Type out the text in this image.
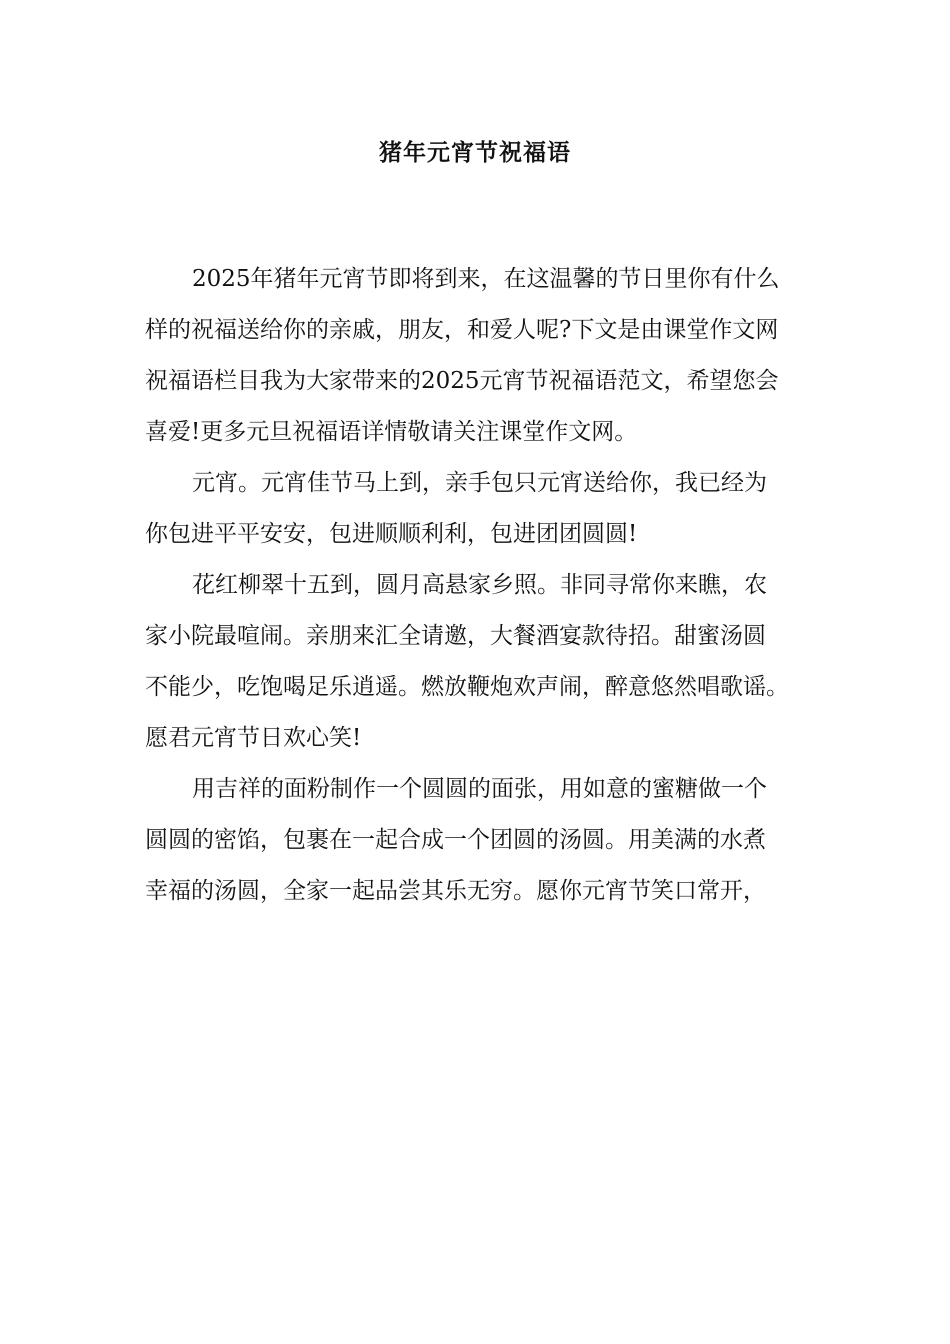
猪年元宵节祝福语
2025年猪年元宵节即将到来，在这温馨的节日里你有什么
样的祝福送给你的亲戚，朋友，和爱人呢?下文是由课堂作文网
祝福语栏目我为大家带来的2025元宵节祝福语范文，希望您会
喜爱!更多元旦祝福语详情敬请关注课堂作文网。
元宵。元宵佳节马上到，亲手包只元宵送给你，我已经为
你包进平平安安，包进顺顺利利，包进团团圆圆!
花红柳翠十五到，圆月高悬家乡照。非同寻常你来瞧，农
家小院最喧闹。亲朋来汇全请邀，大餐酒宴款待招。甜蜜汤圆
不能少，吃饱喝足乐逍遥。燃放鞭炮欢声闹，醉意悠然唱歌谣。
愿君元宵节日欢心笑!
用吉祥的面粉制作一个圆圆的面张，用如意的蜜糖做一个
圆圆的密馅，包裹在一起合成一个团圆的汤圆。用美满的水煮
幸福的汤圆，全家一起品尝其乐无穷。愿你元宵节笑口常开，
